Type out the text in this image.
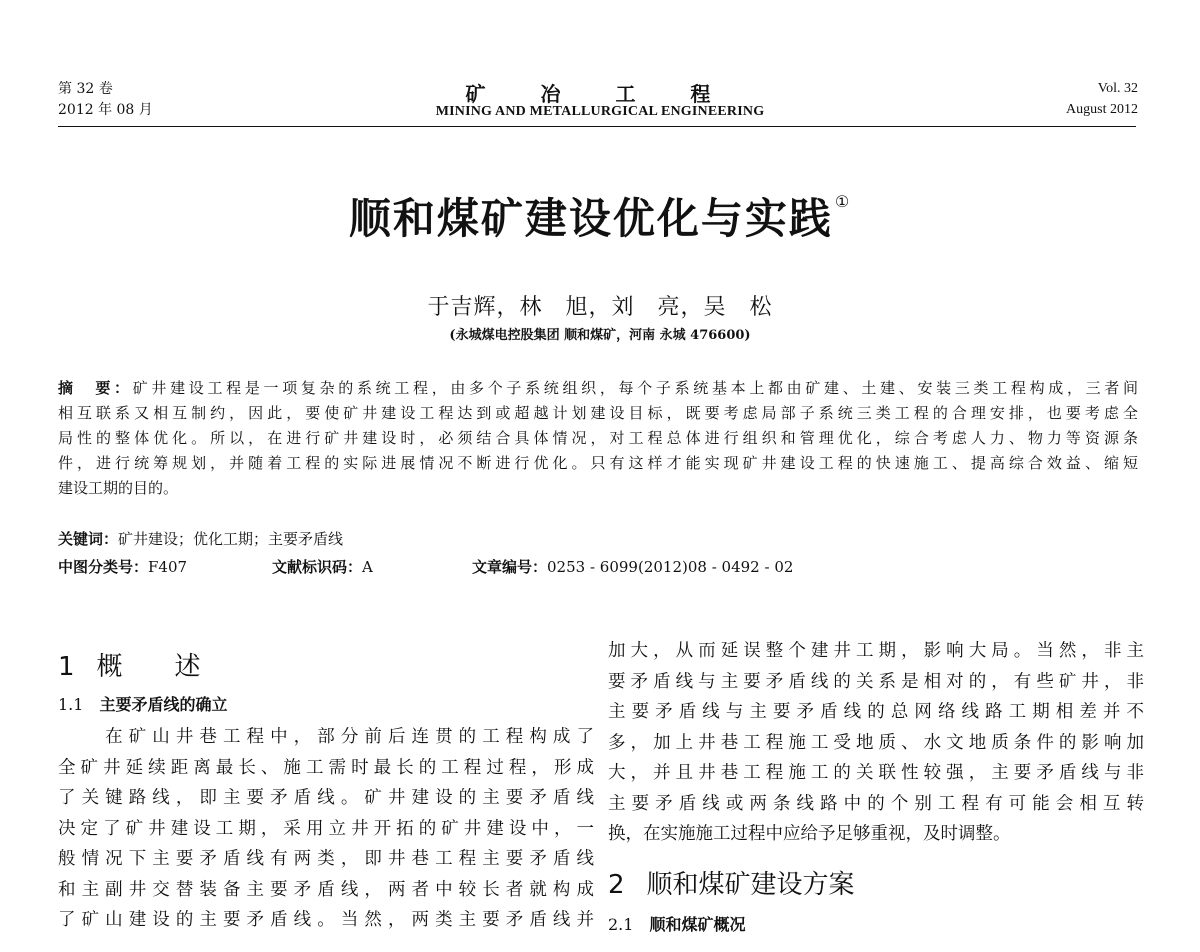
第 32 卷
2012 年 08 月
矿 冶 工 程
MINING AND METALLURGICAL ENGINEERING
Vol. 32
August 2012
顺和煤矿建设优化与实践 ①
于吉辉，林　旭，刘　亮，吴　松
(永城煤电控股集团 顺和煤矿，河南 永城 476600)
摘　要：矿井建设工程是一项复杂的系统工程，由多个子系统组织，每个子系统基本上都由矿建、土建、安装三类工程构成，三者间
相互联系又相互制约，因此，要使矿井建设工程达到或超越计划建设目标，既要考虑局部子系统三类工程的合理安排，也要考虑全
局性的整体优化。所以，在进行矿井建设时，必须结合具体情况，对工程总体进行组织和管理优化，综合考虑人力、物力等资源条
件，进行统筹规划，并随着工程的实际进展情况不断进行优化。只有这样才能实现矿井建设工程的快速施工、提高综合效益、缩短
建设工期的目的。
关键词：矿井建设；优化工期；主要矛盾线
中图分类号：F407	文献标识码：A	文章编号：0253 - 6099(2012)08 - 0492 - 02
1 概　　述
1.1 主要矛盾线的确立
　　在矿山井巷工程中，部分前后连贯的工程构成了
全矿井延续距离最长、施工需时最长的工程过程，形成
了关键路线，即主要矛盾线。矿井建设的主要矛盾线
决定了矿井建设工期，采用立井开拓的矿井建设中，一
般情况下主要矛盾线有两类，即井巷工程主要矛盾线
和主副井交替装备主要矛盾线，两者中较长者就构成
了矿山建设的主要矛盾线。当然，两类主要矛盾线并
加大，从而延误整个建井工期，影响大局。当然，非主
要矛盾线与主要矛盾线的关系是相对的，有些矿井，非
主要矛盾线与主要矛盾线的总网络线路工期相差并不
多，加上井巷工程施工受地质、水文地质条件的影响加
大，并且井巷工程施工的关联性较强，主要矛盾线与非
主要矛盾线或两条线路中的个别工程有可能会相互转
换，在实施施工过程中应给予足够重视，及时调整。
2 顺和煤矿建设方案
2.1 顺和煤矿概况
